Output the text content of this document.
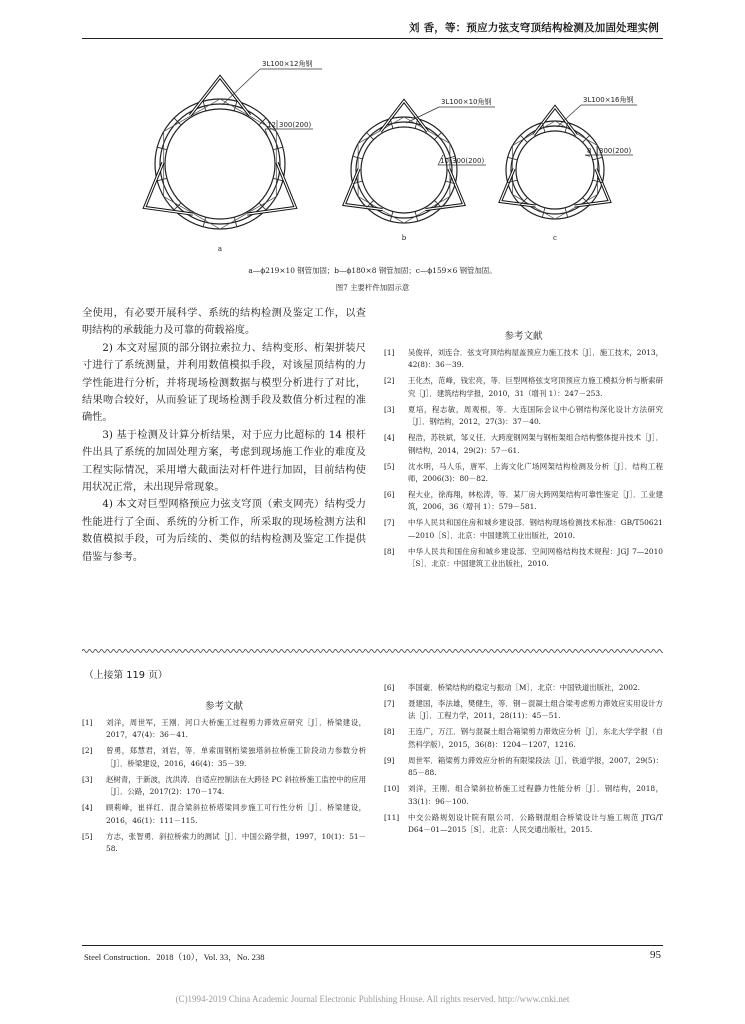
刘 香，等：预应力弦支穹顶结构检测及加固处理实例
3L100×12角钢
12 300(200)
a
3L100×10角钢
10 300(200)
b
3L100×16角钢
8 300(200)
c
a—ϕ219×10 钢管加固；b—ϕ180×8 钢管加固；c—ϕ159×6 钢管加固。
图7 主要杆件加固示意

全使用，有必要开展科学、系统的结构检测及鉴定工作，以查明结构的承载能力及可靠的荷载裕度。

2) 本文对屋顶的部分钢拉索拉力、结构变形、桁架拼装尺寸进行了系统测量，并利用数值模拟手段，对该屋顶结构的力学性能进行分析，并将现场检测数据与模型分析进行了对比，结果吻合较好，从而验证了现场检测手段及数值分析过程的准确性。

3) 基于检测及计算分析结果，对于应力比超标的 14 根杆件出具了系统的加固处理方案，考虑到现场施工作业的难度及工程实际情况，采用增大截面法对杆件进行加固，目前结构使用状况正常，未出现异常现象。

4) 本文对巨型网格预应力弦支穹顶（索支网壳）结构受力性能进行了全面、系统的分析工作，所采取的现场检测方法和数值模拟手段，可为后续的、类似的结构检测及鉴定工作提供借鉴与参考。

参考文献
[1]	吴俊祥，刘连合．弦支穹顶结构屋盖预应力施工技术［J］．施工技术，2013，42(8)：36－39.
[2]	王化杰，范峰，钱宏亮，等．巨型网格弦支穹顶预应力施工模拟分析与断索研究［J］．建筑结构学报，2010，31（增刊 1）：247－253.
[3]	夏培，程志敏，周观根，等．大连国际会议中心钢结构深化设计方法研究［J］．钢结构，2012，27(3)：37－40.
[4]	程浩，苏铁斌，邹义任．大跨度钢网架与钢桁架组合结构整体提升技术［J］．钢结构，2014，29(2)：57－61.
[5]	沈水明，马人乐，唐军．上海文化广场网架结构检测及分析［J］．结构工程师，2006(3)：80－82.
[6]	程大业，徐海翔，林松涛，等．某厂房大跨网架结构可靠性鉴定［J］．工业建筑，2006，36（增刊 1）：579－581.
[7]	中华人民共和国住房和城乡建设部．钢结构现场检测技术标准：GB/T50621—2010［S］．北京：中国建筑工业出版社，2010.
[8]	中华人民共和国住房和城乡建设部．空间网格结构技术规程：JGJ 7—2010［S］．北京：中国建筑工业出版社，2010.
（上接第 119 页）
参考文献
[1]	刘洋，周世军，王刚．河口大桥施工过程剪力滞效应研究［J］．桥梁建设，2017，47(4)：36－41.
[2]	曾勇，郑慧君，刘岩，等．单索面钢桁梁独塔斜拉桥施工阶段动力参数分析［J］．桥梁建设，2016，46(4)：35－39.
[3]	赵树青，于新波，沈洪涛．自适应控制法在大跨径 PC 斜拉桥施工监控中的应用［J］．公路，2017(2)：170－174.
[4]	顾莉峰，崔祥红．混合梁斜拉桥塔梁同步施工可行性分析［J］．桥梁建设，2016，46(1)：111－115.
[5]	方志，张智勇．斜拉桥索力的测试［J］．中国公路学报，1997，10(1)：51－58.
[6]	李国豪．桥梁结构的稳定与振动［M］．北京：中国铁道出版社，2002.
[7]	聂建国，李法雄，樊健生，等．钢－混凝土组合梁考虑剪力滞效应实用设计方法［J］．工程力学，2011，28(11)：45－51.
[8]	王连广，万江．钢与混凝土组合箱梁剪力滞效应分析［J］．东北大学学报（自然科学版），2015，36(8)：1204－1207，1216.
[9]	周世军．箱梁剪力滞效应分析的有限梁段法［J］．铁道学报，2007，29(5)：85－88.
[10]	刘洋，王刚．组合梁斜拉桥施工过程静力性能分析［J］．钢结构，2018，33(1)：96－100.
[11]	中交公路规划设计院有限公司．公路钢混组合桥梁设计与施工规范 JTG/T D64－01—2015［S］．北京：人民交通出版社，2015.
Steel Construction．2018（10），Vol. 33，No. 238	95
(C)1994-2019 China Academic Journal Electronic Publishing House. All rights reserved. http://www.cnki.net
